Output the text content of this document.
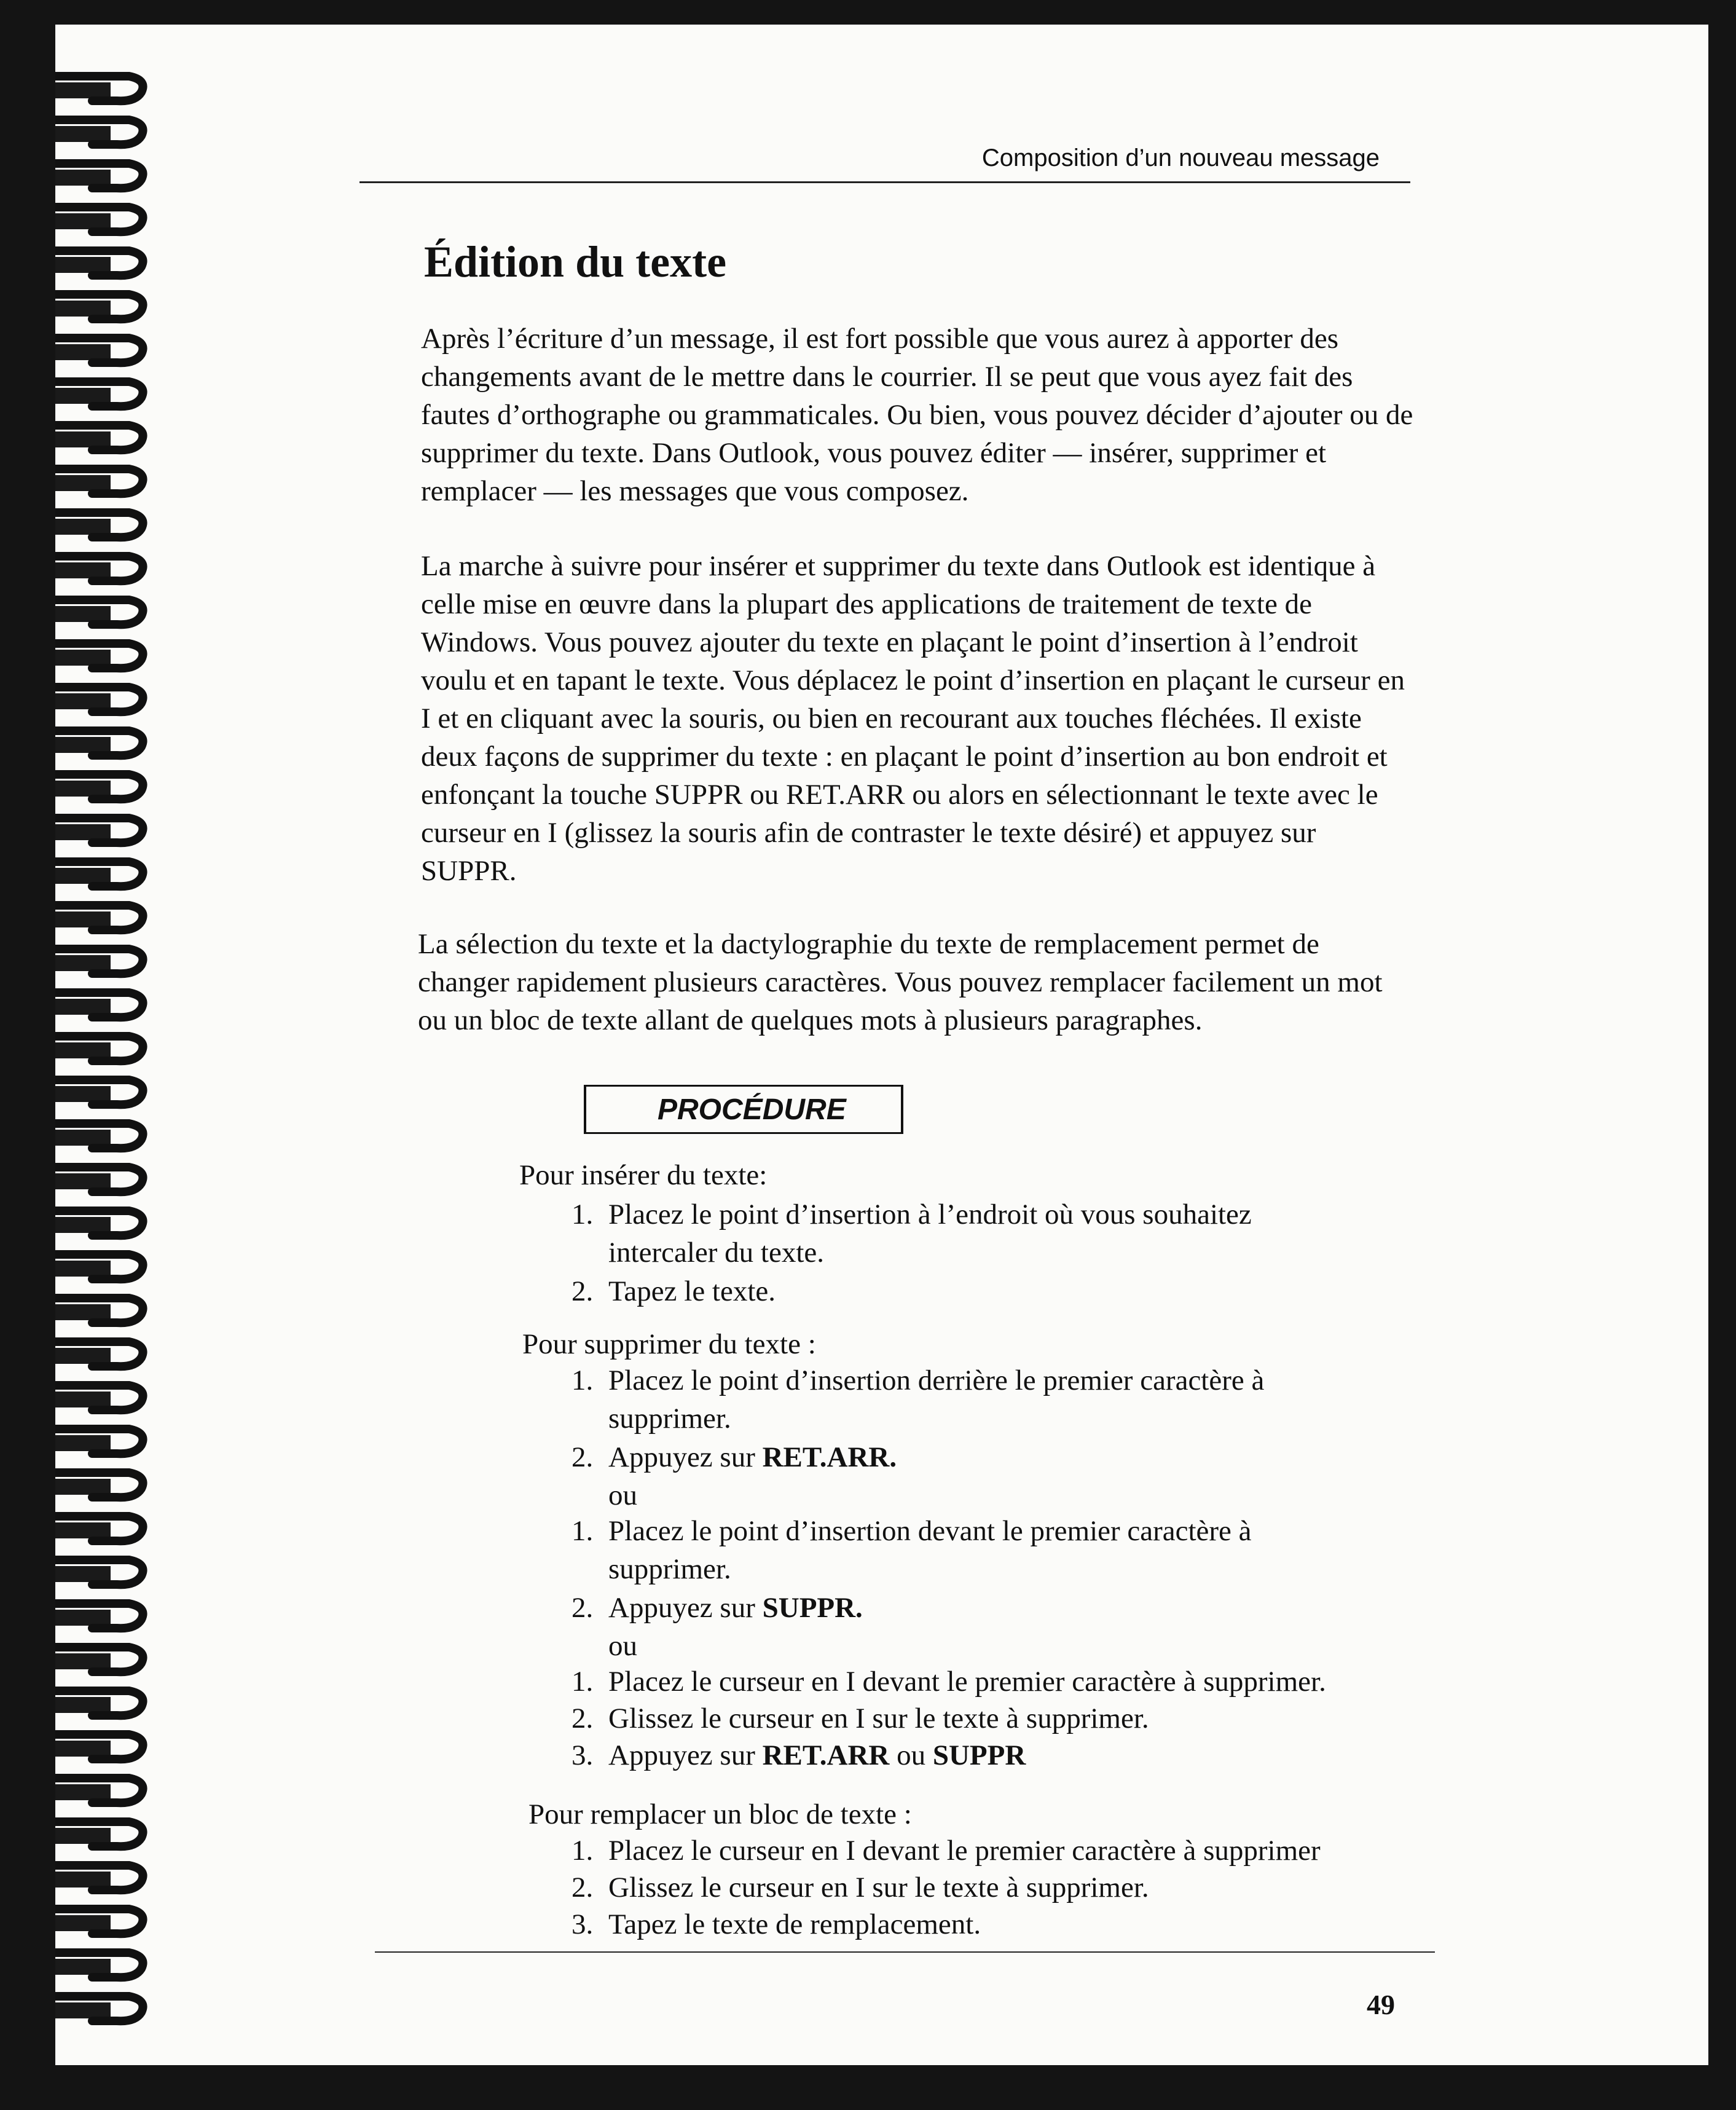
Composition d’un nouveau message
Édition du texte

Après l’écriture d’un message, il est fort possible que vous aurez à apporter des changements avant de le mettre dans le courrier. Il se peut que vous ayez fait des fautes d’orthographe ou grammaticales. Ou bien, vous pouvez décider d’ajouter ou de supprimer du texte. Dans Outlook, vous pouvez éditer — insérer, supprimer et remplacer — les messages que vous composez.

La marche à suivre pour insérer et supprimer du texte dans Outlook est identique à celle mise en œuvre dans la plupart des applications de traitement de texte de Windows. Vous pouvez ajouter du texte en plaçant le point d’insertion à l’endroit voulu et en tapant le texte. Vous déplacez le point d’insertion en plaçant le curseur en I et en cliquant avec la souris, ou bien en recourant aux touches fléchées. Il existe deux façons de supprimer du texte : en plaçant le point d’insertion au bon endroit et enfonçant la touche SUPPR ou RET.ARR ou alors en sélectionnant le texte avec le curseur en I (glissez la souris afin de contraster le texte désiré) et appuyez sur SUPPR.

La sélection du texte et la dactylographie du texte de remplacement permet de changer rapidement plusieurs caractères. Vous pouvez remplacer facilement un mot ou un bloc de texte allant de quelques mots à plusieurs paragraphes.

PROCÉDURE

Pour insérer du texte:

1. Placez le point d’insertion à l’endroit où vous souhaitez
intercaler du texte.
2. Tapez le texte.

Pour supprimer du texte :

1. Placez le point d’insertion derrière le premier caractère à
supprimer.
2. Appuyez sur RET.ARR.
ou
1. Placez le point d’insertion devant le premier caractère à
supprimer.
2. Appuyez sur SUPPR.
ou
1. Placez le curseur en I devant le premier caractère à supprimer.
2. Glissez le curseur en I sur le texte à supprimer.
3. Appuyez sur RET.ARR ou SUPPR

Pour remplacer un bloc de texte :

1. Placez le curseur en I devant le premier caractère à supprimer
2. Glissez le curseur en I sur le texte à supprimer.
3. Tapez le texte de remplacement.
49
